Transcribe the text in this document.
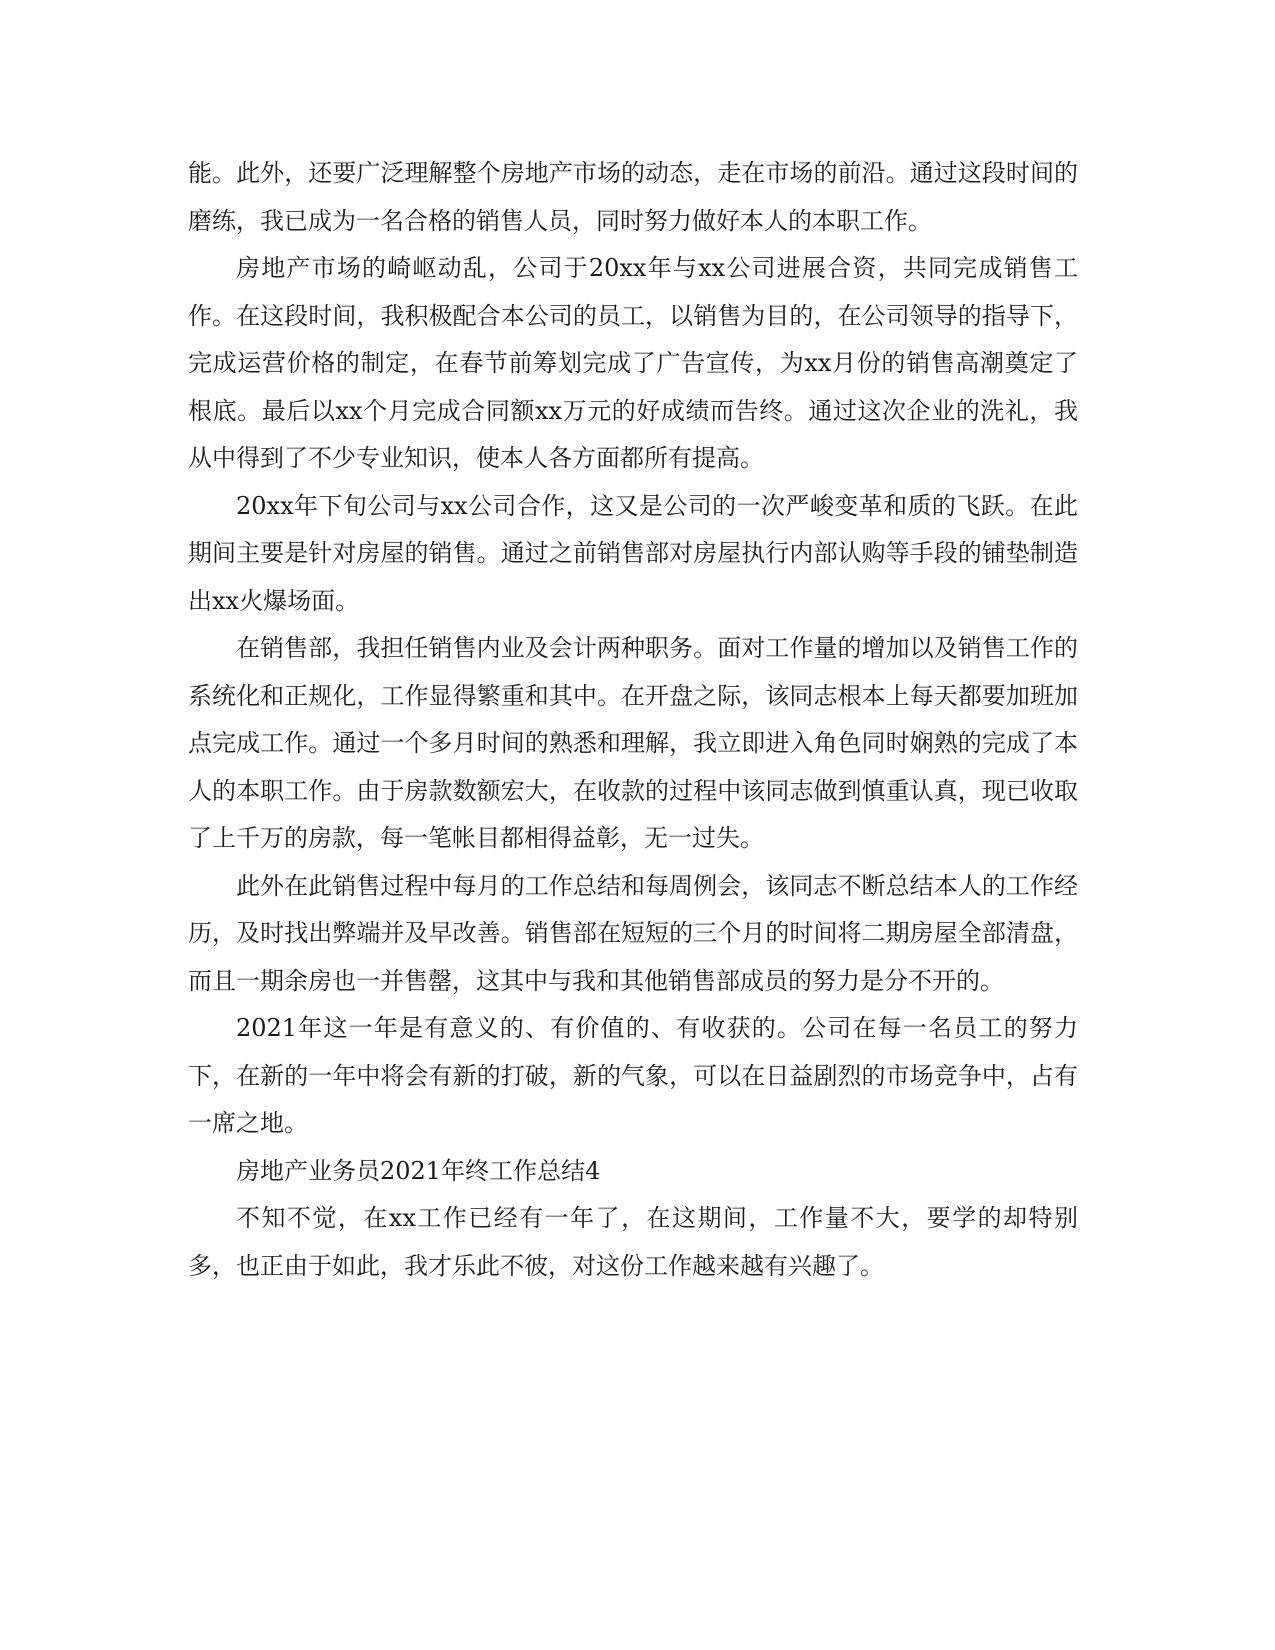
能。此外，还要广泛理解整个房地产市场的动态，走在市场的前沿。通过这段时间的磨练，我已成为一名合格的销售人员，同时努力做好本人的本职工作。

房地产市场的崎岖动乱，公司于20xx年与xx公司进展合资，共同完成销售工作。在这段时间，我积极配合本公司的员工，以销售为目的，在公司领导的指导下，完成运营价格的制定，在春节前筹划完成了广告宣传，为xx月份的销售高潮奠定了根底。最后以xx个月完成合同额xx万元的好成绩而告终。通过这次企业的洗礼，我从中得到了不少专业知识，使本人各方面都所有提高。

20xx年下旬公司与xx公司合作，这又是公司的一次严峻变革和质的飞跃。在此期间主要是针对房屋的销售。通过之前销售部对房屋执行内部认购等手段的铺垫制造出xx火爆场面。

在销售部，我担任销售内业及会计两种职务。面对工作量的增加以及销售工作的系统化和正规化，工作显得繁重和其中。在开盘之际，该同志根本上每天都要加班加点完成工作。通过一个多月时间的熟悉和理解，我立即进入角色同时娴熟的完成了本人的本职工作。由于房款数额宏大，在收款的过程中该同志做到慎重认真，现已收取了上千万的房款，每一笔帐目都相得益彰，无一过失。

此外在此销售过程中每月的工作总结和每周例会，该同志不断总结本人的工作经历，及时找出弊端并及早改善。销售部在短短的三个月的时间将二期房屋全部清盘，而且一期余房也一并售罄，这其中与我和其他销售部成员的努力是分不开的。

2021年这一年是有意义的、有价值的、有收获的。公司在每一名员工的努力下，在新的一年中将会有新的打破，新的气象，可以在日益剧烈的市场竞争中，占有一席之地。

房地产业务员2021年终工作总结4

不知不觉，在xx工作已经有一年了，在这期间，工作量不大，要学的却特别多，也正由于如此，我才乐此不彼，对这份工作越来越有兴趣了。
